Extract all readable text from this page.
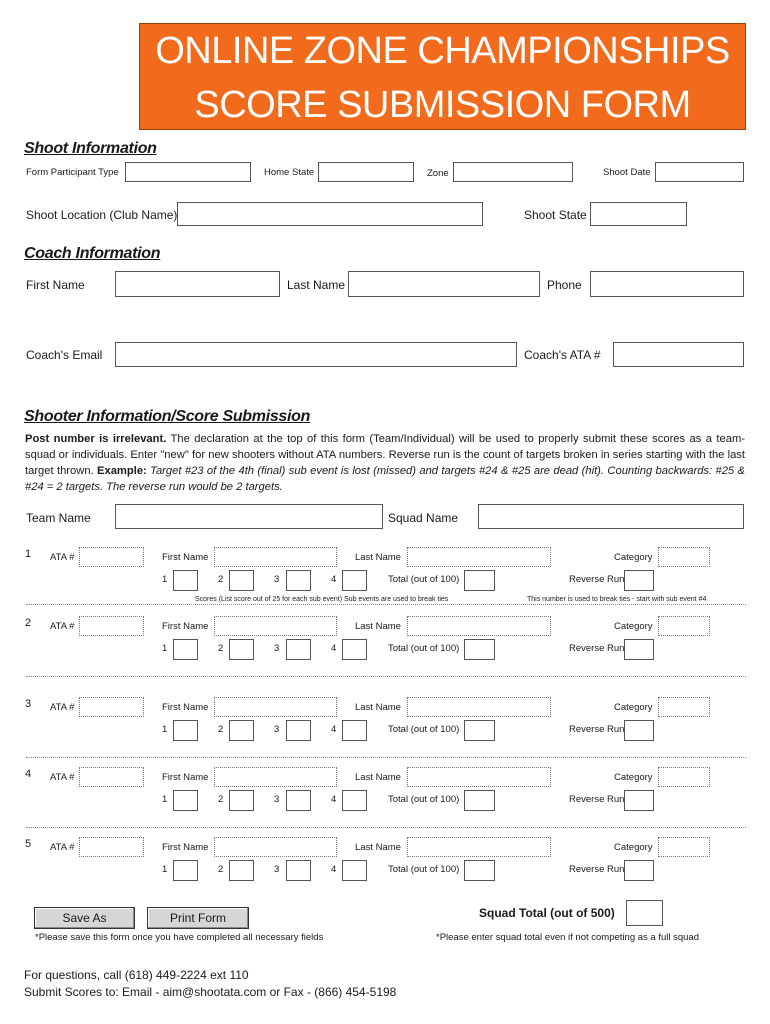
ONLINE ZONE CHAMPIONSHIPS
SCORE SUBMISSION FORM
Shoot Information
Form Participant Type	Home State	Zone	Shoot Date
Shoot Location (Club Name)	Shoot State
Coach Information
First Name	Last Name	Phone
Coach's Email	Coach's ATA #
Shooter Information/Score Submission
Post number is irrelevant. The declaration at the top of this form (Team/Individual) will be used to properly submit these scores as a team-squad or individuals. Enter "new" for new shooters without ATA numbers. Reverse run is the count of targets broken in series starting with the last target thrown. Example: Target #23 of the 4th (final) sub event is lost (missed) and targets #24 & #25 are dead (hit). Counting backwards: #25 & #24 = 2 targets. The reverse run would be 2 targets.
Team Name	Squad Name
1 ATA #	First Name	Last Name	Category
1	2	3	4	Total (out of 100)	Reverse Run
2 ATA #	First Name	Last Name	Category
1	2	3	4	Total (out of 100)	Reverse Run
3 ATA #	First Name	Last Name	Category
1	2	3	4	Total (out of 100)	Reverse Run
4 ATA #	First Name	Last Name	Category
1	2	3	4	Total (out of 100)	Reverse Run
5 ATA #	First Name	Last Name	Category
1	2	3	4	Total (out of 100)	Reverse Run
Scores (List score out of 25 for each sub event) Sub events are used to break ties	This number is used to break ties - start with sub event #4
Save As	Print Form	Squad Total (out of 500)
*Please save this form once you have completed all necessary fields	*Please enter squad total even if not competing as a full squad
For questions, call (618) 449-2224 ext 110
Submit Scores to: Email - aim@shootata.com or Fax - (866) 454-5198
